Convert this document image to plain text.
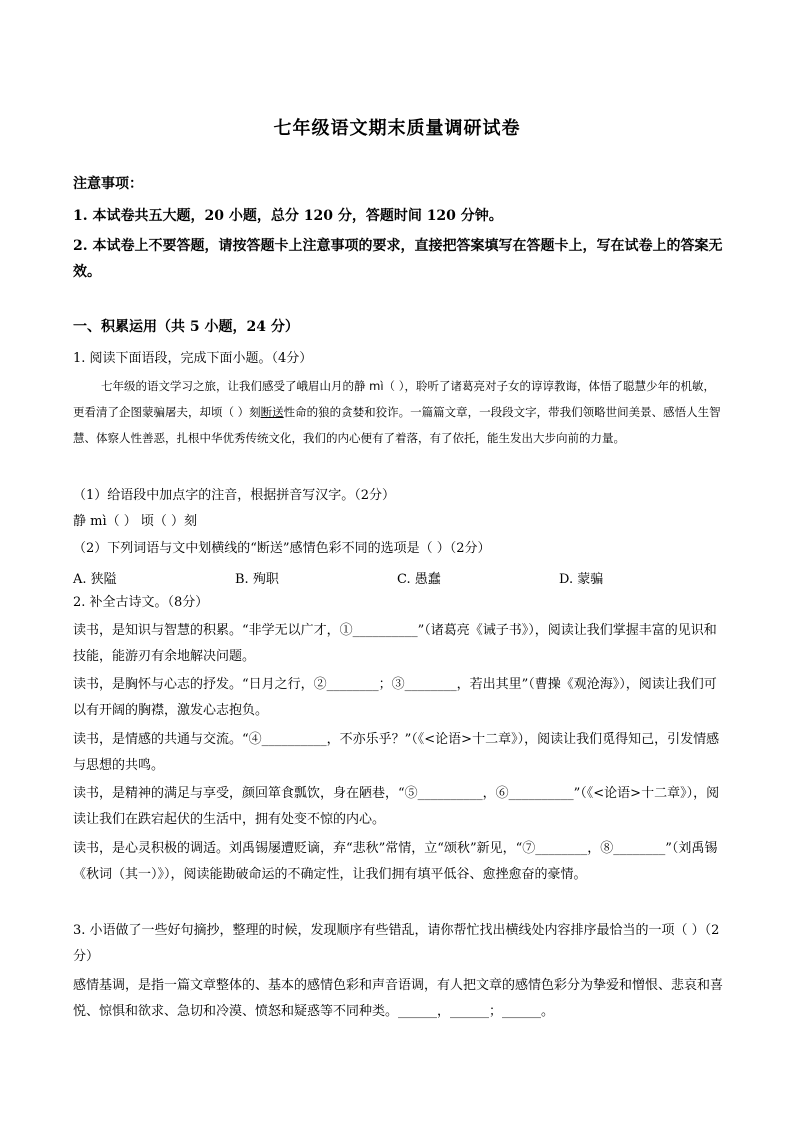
七年级语文期末质量调研试卷
注意事项：
1. 本试卷共五大题，20 小题，总分 120 分，答题时间 120 分钟。
2. 本试卷上不要答题，请按答题卡上注意事项的要求，直接把答案填写在答题卡上，写在试卷上的答案无效。
一、积累运用（共 5 小题，24 分）
1. 阅读下面语段，完成下面小题。（4分）
七年级的语文学习之旅，让我们感受了峨眉山月的静 mì（ ），聆听了诸葛亮对子女的谆谆教诲，体悟了聪慧少年的机敏，更看清了企图蒙骗屠夫，却顷（ ）刻断送性命的狼的贪婪和狡诈。一篇篇文章，一段段文字，带我们领略世间美景、感悟人生智慧、体察人性善恶，扎根中华优秀传统文化，我们的内心便有了着落，有了依托，能生发出大步向前的力量。
（1）给语段中加点字的注音，根据拼音写汉字。（2分）
静 mì（ ） 顷（ ）刻
（2）下列词语与文中划横线的“断送”感情色彩不同的选项是（ ）（2分）
A. 狭隘	B. 殉职	C. 愚蠢	D. 蒙骗
2. 补全古诗文。（8分）
读书，是知识与智慧的积累。“非学无以广才，①__________”（诸葛亮《诫子书》），阅读让我们掌握丰富的见识和技能，能游刃有余地解决问题。
读书，是胸怀与心志的抒发。“日月之行，②________；③________，若出其里”（曹操《观沧海》），阅读让我们可以有开阔的胸襟，激发心志抱负。
读书，是情感的共通与交流。“④__________，不亦乐乎？”（《<论语>十二章》），阅读让我们觅得知己，引发情感与思想的共鸣。
读书，是精神的满足与享受，颜回箪食瓢饮，身在陋巷，“⑤__________，⑥__________”（《<论语>十二章》），阅读让我们在跌宕起伏的生活中，拥有处变不惊的内心。
读书，是心灵积极的调适。刘禹锡屡遭贬谪，弃“悲秋”常情，立“颂秋”新见，“⑦________，⑧________”（刘禹锡《秋词（其一）》），阅读能勘破命运的不确定性，让我们拥有填平低谷、愈挫愈奋的豪情。
3. 小语做了一些好句摘抄，整理的时候，发现顺序有些错乱，请你帮忙找出横线处内容排序最恰当的一项（ ）（2分）
感情基调，是指一篇文章整体的、基本的感情色彩和声音语调，有人把文章的感情色彩分为挚爱和憎恨、悲哀和喜悦、惊惧和欲求、急切和冷漠、愤怒和疑惑等不同种类。______，______；______。
